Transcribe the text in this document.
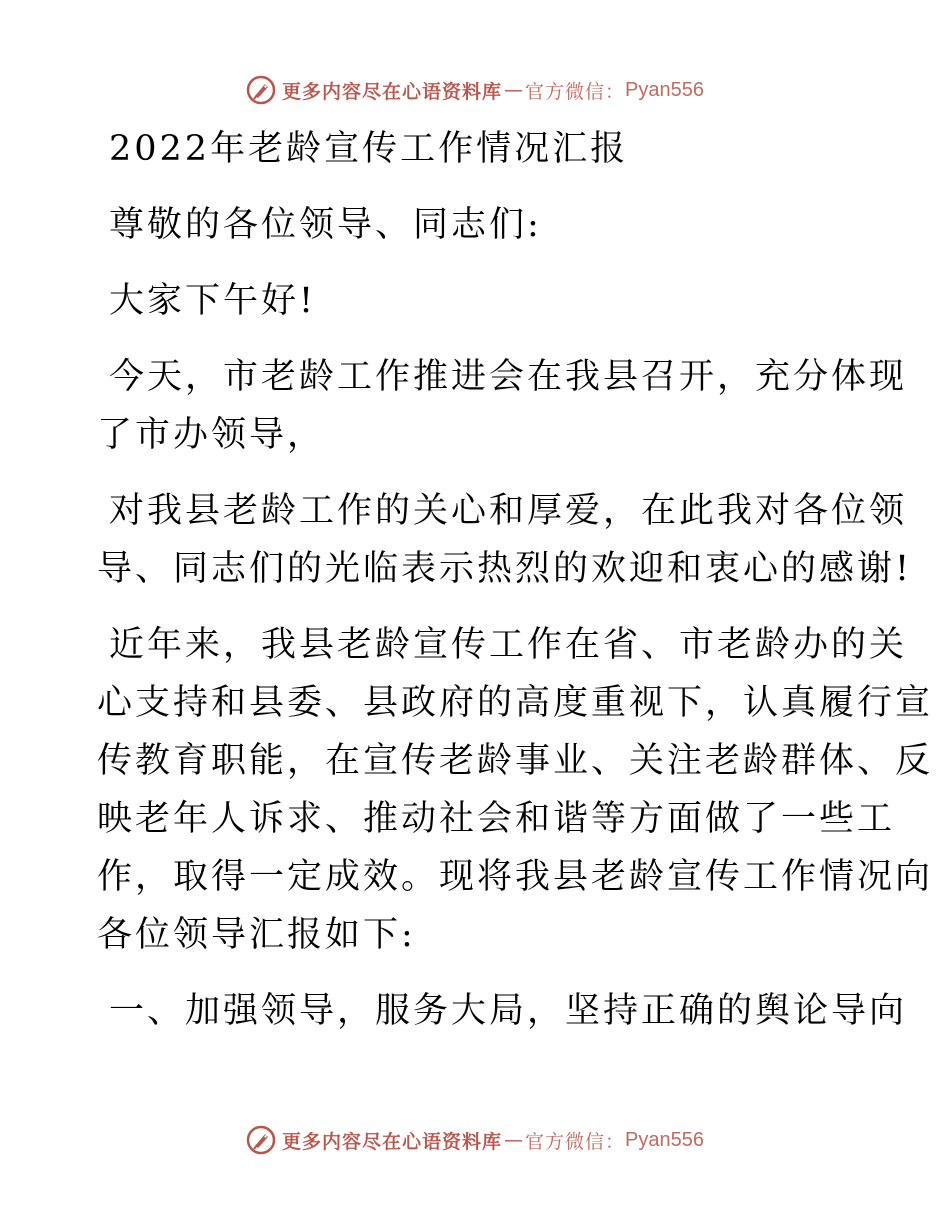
更多内容尽在心语资料库 — 官方微信： Pyan556

2022年老龄宣传工作情况汇报

尊敬的各位领导、同志们:

大家下午好!

今天，市老龄工作推进会在我县召开，充分体现

了市办领导，

对我县老龄工作的关心和厚爱，在此我对各位领

导、同志们的光临表示热烈的欢迎和衷心的感谢!

近年来，我县老龄宣传工作在省、市老龄办的关

心支持和县委、县政府的高度重视下，认真履行宣

传教育职能，在宣传老龄事业、关注老龄群体、反

映老年人诉求、推动社会和谐等方面做了一些工

作，取得一定成效。现将我县老龄宣传工作情况向

各位领导汇报如下:

一、加强领导，服务大局，坚持正确的舆论导向

更多内容尽在心语资料库 — 官方微信： Pyan556
